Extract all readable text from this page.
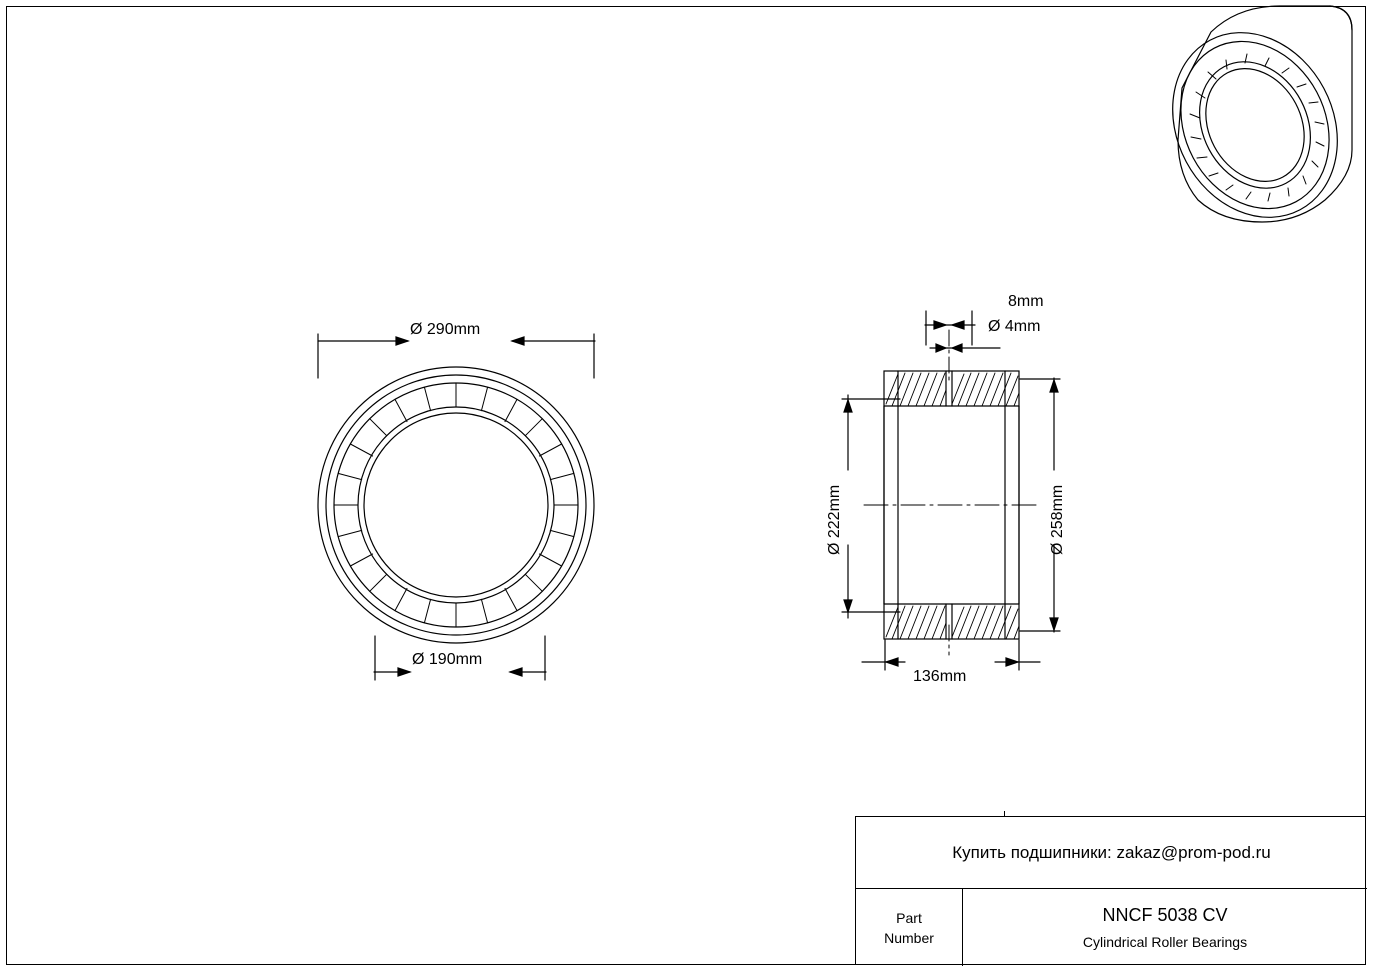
Ø 290mm
Ø 190mm
8mm
Ø 4mm
Ø 222mm	Ø 258mm
136mm
Купить подшипники: zakaz@prom-pod.ru
Part
Number
NNCF 5038 CV
Cylindrical Roller Bearings
